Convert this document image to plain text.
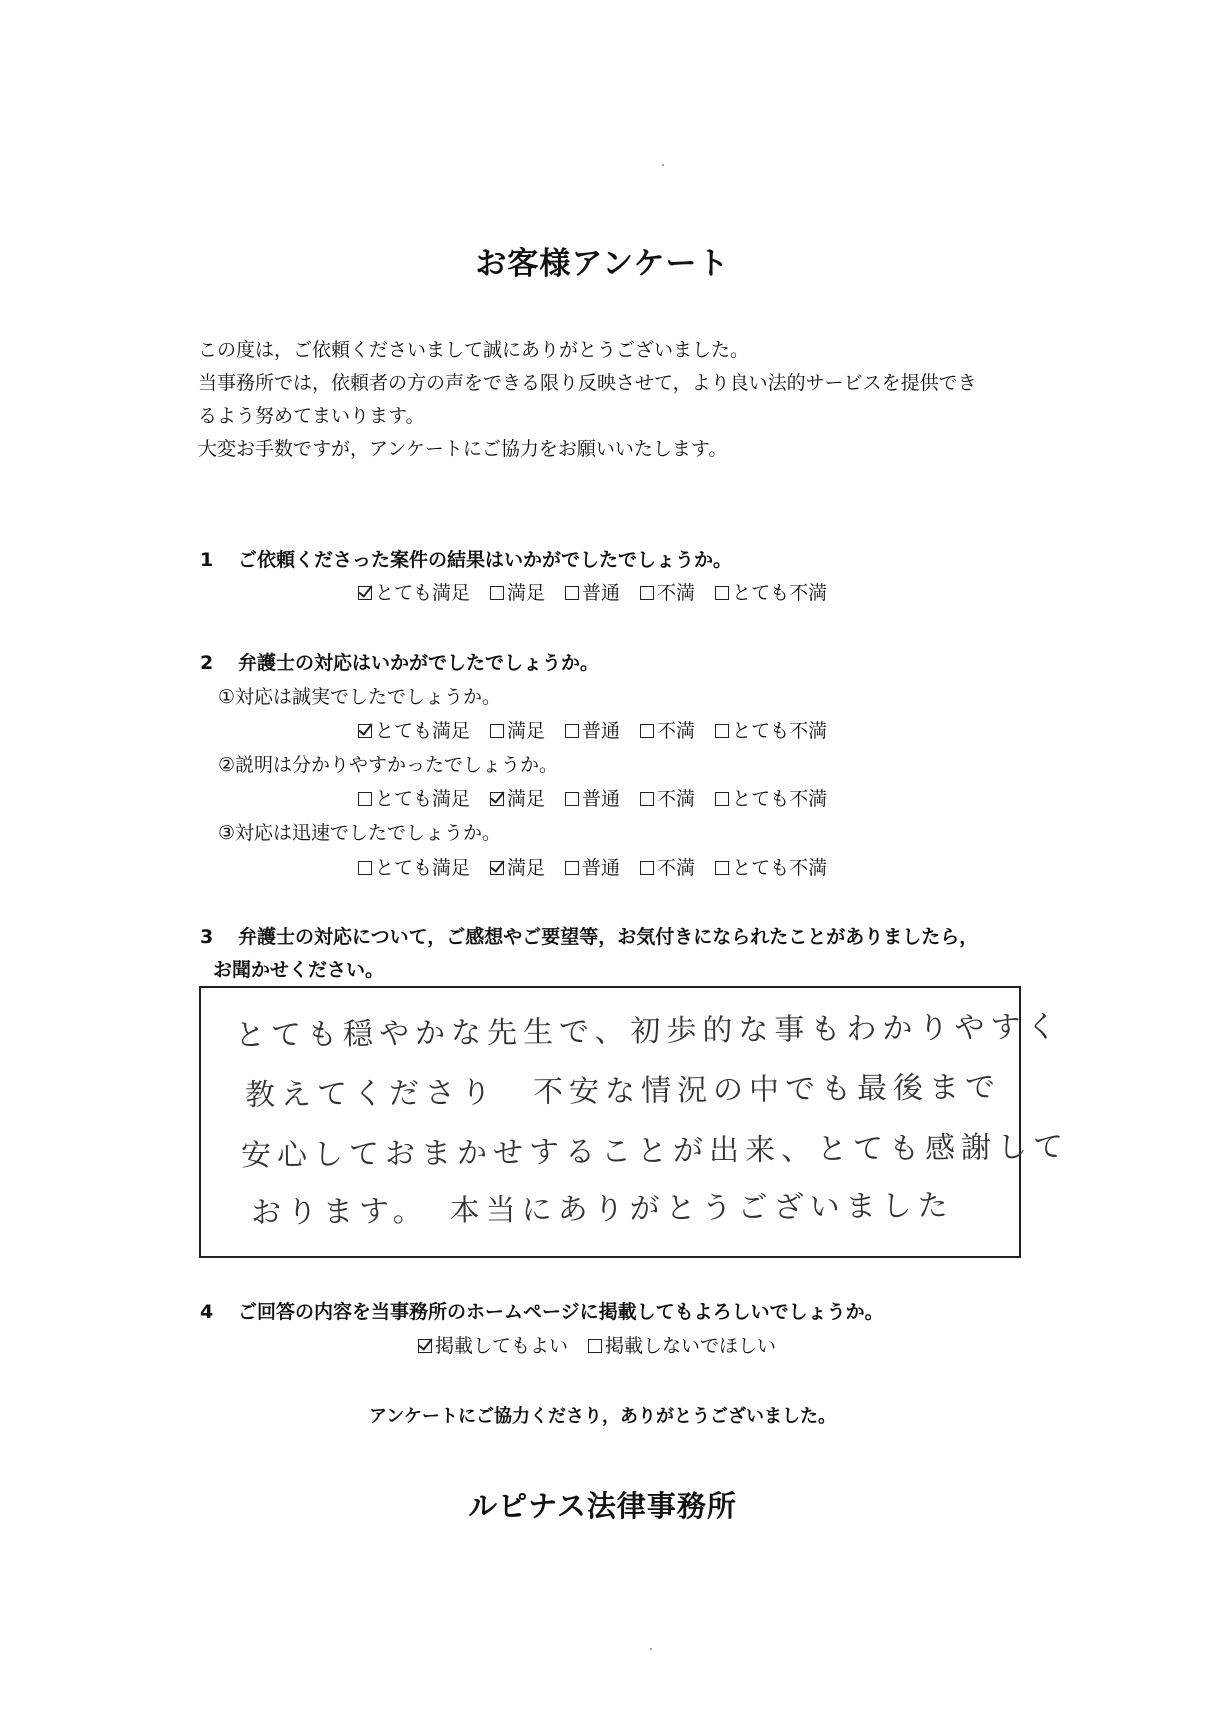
お客様アンケート
この度は，ご依頼くださいまして誠にありがとうございました。
当事務所では，依頼者の方の声をできる限り反映させて，より良い法的サービスを提供でき
るよう努めてまいります。
大変お手数ですが，アンケートにご協力をお願いいたします。
1 ご依頼くださった案件の結果はいかがでしたでしょうか。
とても満足 満足 普通 不満 とても不満
2 弁護士の対応はいかがでしたでしょうか。
①対応は誠実でしたでしょうか。
とても満足 満足 普通 不満 とても不満
②説明は分かりやすかったでしょうか。
とても満足 満足 普通 不満 とても不満
③対応は迅速でしたでしょうか。
とても満足 満足 普通 不満 とても不満
3 弁護士の対応について，ご感想やご要望等，お気付きになられたことがありましたら，
お聞かせください。
とても穏やかな先生で、初歩的な事もわかりやすく
教えてくださり　不安な情況の中でも最後まで
安心しておまかせすることが出来、とても感謝して
おります。　本当にありがとうございました
4 ご回答の内容を当事務所のホームページに掲載してもよろしいでしょうか。
掲載してもよい 掲載しないでほしい
アンケートにご協力くださり，ありがとうございました。
ルピナス法律事務所
